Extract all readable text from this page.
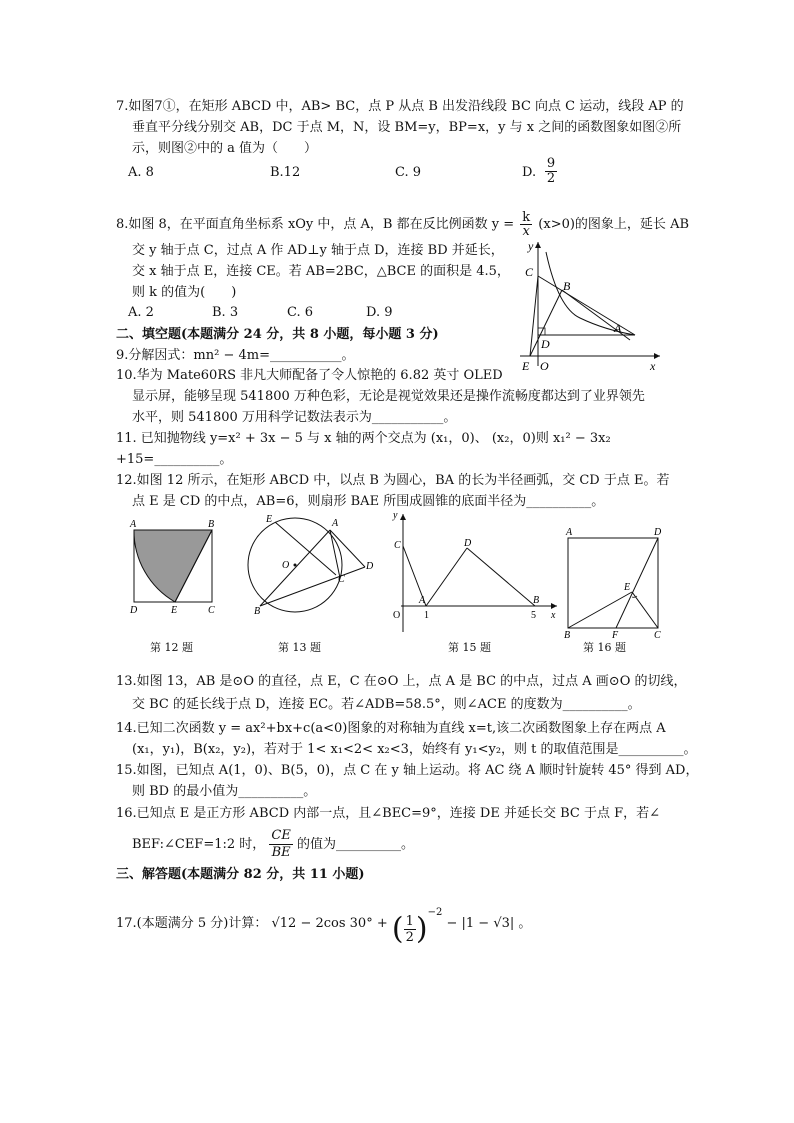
7.如图7①，在矩形 ABCD 中，AB> BC，点 P 从点 B 出发沿线段 BC 向点 C 运动，线段 AP 的
垂直平分线分别交 AB，DC 于点 M，N，设 BM=y，BP=x，y 与 x 之间的函数图象如图②所
示，则图②中的 a 值为（　　）
A. 8	B.12	C. 9	D. $\frac{9}{2}$
8.如图 8，在平面直角坐标系 xOy 中，点 A，B 都在反比例函数 $y = \frac{k}{x} (x>0)$的图象上，延长 AB
交 y 轴于点 C，过点 A 作 AD⊥y 轴于点 D，连接 BD 并延长，
交 x 轴于点 E，连接 CE。若 AB=2BC，△BCE 的面积是 4.5，
则 k 的值为(　　)
A. 2	B. 3	C. 6	D. 9
y
x
C
B
A
D
E O
二、填空题(本题满分 24 分，共 8 小题，每小题 3 分)
9.分解因式：mn² − 4m=___________。
10.华为 Mate60RS 非凡大师配备了令人惊艳的 6.82 英寸 OLED
显示屏，能够呈现 541800 万种色彩，无论是视觉效果还是操作流畅度都达到了业界领先
水平，则 541800 万用科学记数法表示为___________。
11. 已知抛物线 y=x² + 3x − 5 与 x 轴的两个交点为 (x₁，0)、 (x₂，0)则 x₁² − 3x₂
+15=__________。
12.如图 12 所示，在矩形 ABCD 中，以点 B 为圆心，BA 的长为半径画弧，交 CD 于点 E。若
点 E 是 CD 的中点，AB=6，则扇形 BAE 所围成圆锥的底面半径为__________。
A	B
D	E	C
第 12 题
E	A
O
C
D
B
第 13 题
y
C	D
A	B
O 1	5 x
第 15 题
A	D
E
B	F	C
第 16 题
13.如图 13，AB 是⊙O 的直径，点 E，C 在⊙O 上，点 A 是 BC 的中点，过点 A 画⊙O 的切线，
交 BC 的延长线于点 D，连接 EC。若∠ADB=58.5°，则∠ACE 的度数为__________。
14.已知二次函数 y = ax²+bx+c(a<0)图象的对称轴为直线 x=t,该二次函数图象上存在两点 A
(x₁，y₁)，B(x₂，y₂)，若对于 1< x₁<2< x₂<3，始终有 y₁<y₂，则 t 的取值范围是__________。
15.如图，已知点 A(1，0)、B(5，0)，点 C 在 y 轴上运动。将 AC 绕 A 顺时针旋转 45° 得到 AD，
则 BD 的最小值为__________。
16.已知点 E 是正方形 ABCD 内部一点，且∠BEC=9°，连接 DE 并延长交 BC 于点 F，若∠
BEF:∠CEF=1:2 时， $\frac{CE}{BE}$ 的值为__________。
三、解答题(本题满分 82 分，共 11 小题)
17.(本题满分 5 分)计算： √12 − 2cos 30° + ( $\frac{1}{2} )^{-2} - |1 - √3|$ 。
